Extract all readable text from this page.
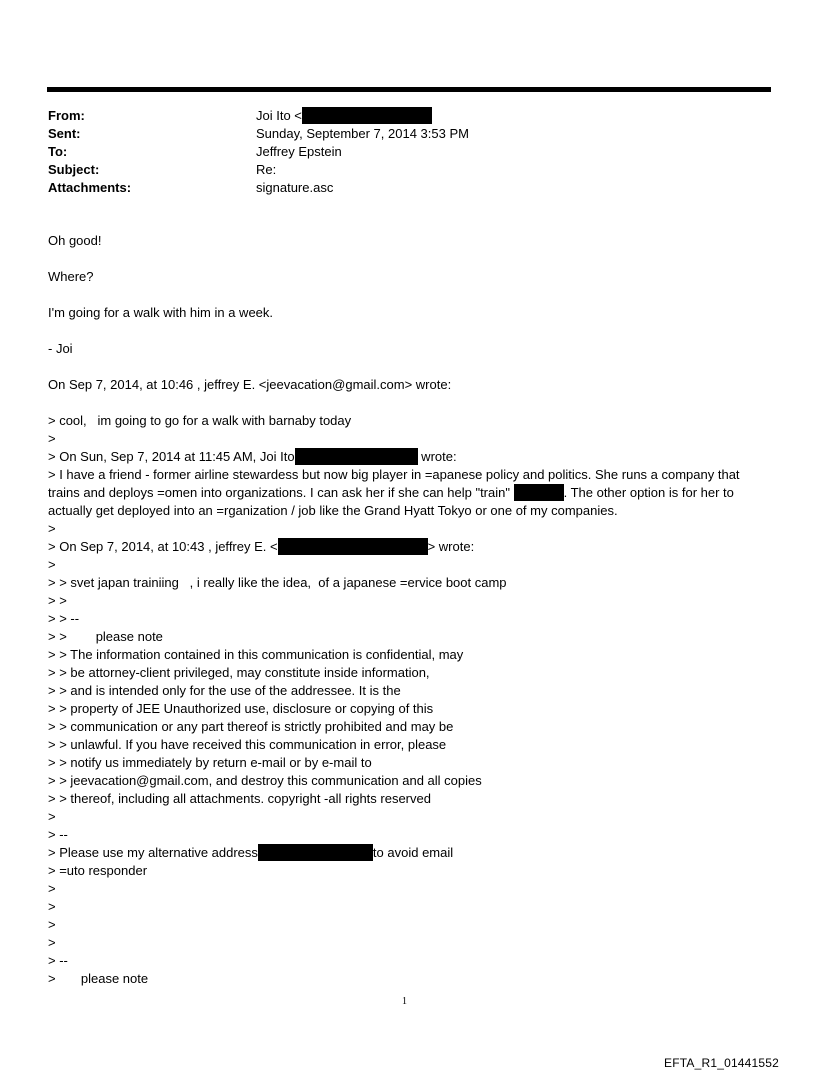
From:	Joi Ito <
Sent:	Sunday, September 7, 2014 3:53 PM
To:	Jeffrey Epstein
Subject:	Re:
Attachments:	signature.asc
Oh good!
Where?
I'm going for a walk with him in a week.
- Joi
On Sep 7, 2014, at 10:46 , jeffrey E. <jeevacation@gmail.com> wrote:
> cool,   im going to go for a walk with barnaby today
>
> On Sun, Sep 7, 2014 at 11:45 AM, Joi Ito	wrote:
> I have a friend - former airline stewardess but now big player in =apanese policy and politics. She runs a company that trains and deploys =omen into organizations. I can ask her if she can help "train"	. The other option is for her to actually get deployed into an =rganization / job like the Grand Hyatt Tokyo or one of my companies.
>
> On Sep 7, 2014, at 10:43 , jeffrey E. <	> wrote:
>
> > svet japan trainiing   , i really like the idea,  of a japanese =ervice boot camp
> >
> > --
> >        please note
> > The information contained in this communication is confidential, may
> > be attorney-client privileged, may constitute inside information,
> > and is intended only for the use of the addressee. It is the
> > property of JEE Unauthorized use, disclosure or copying of this
> > communication or any part thereof is strictly prohibited and may be
> > unlawful. If you have received this communication in error, please
> > notify us immediately by return e-mail or by e-mail to
> > jeevacation@gmail.com, and destroy this communication and all copies
> > thereof, including all attachments. copyright -all rights reserved
>
> --
> Please use my alternative address	to avoid email
> =uto responder
>
>
>
>
> --
>       please note
1
EFTA_R1_01441552
